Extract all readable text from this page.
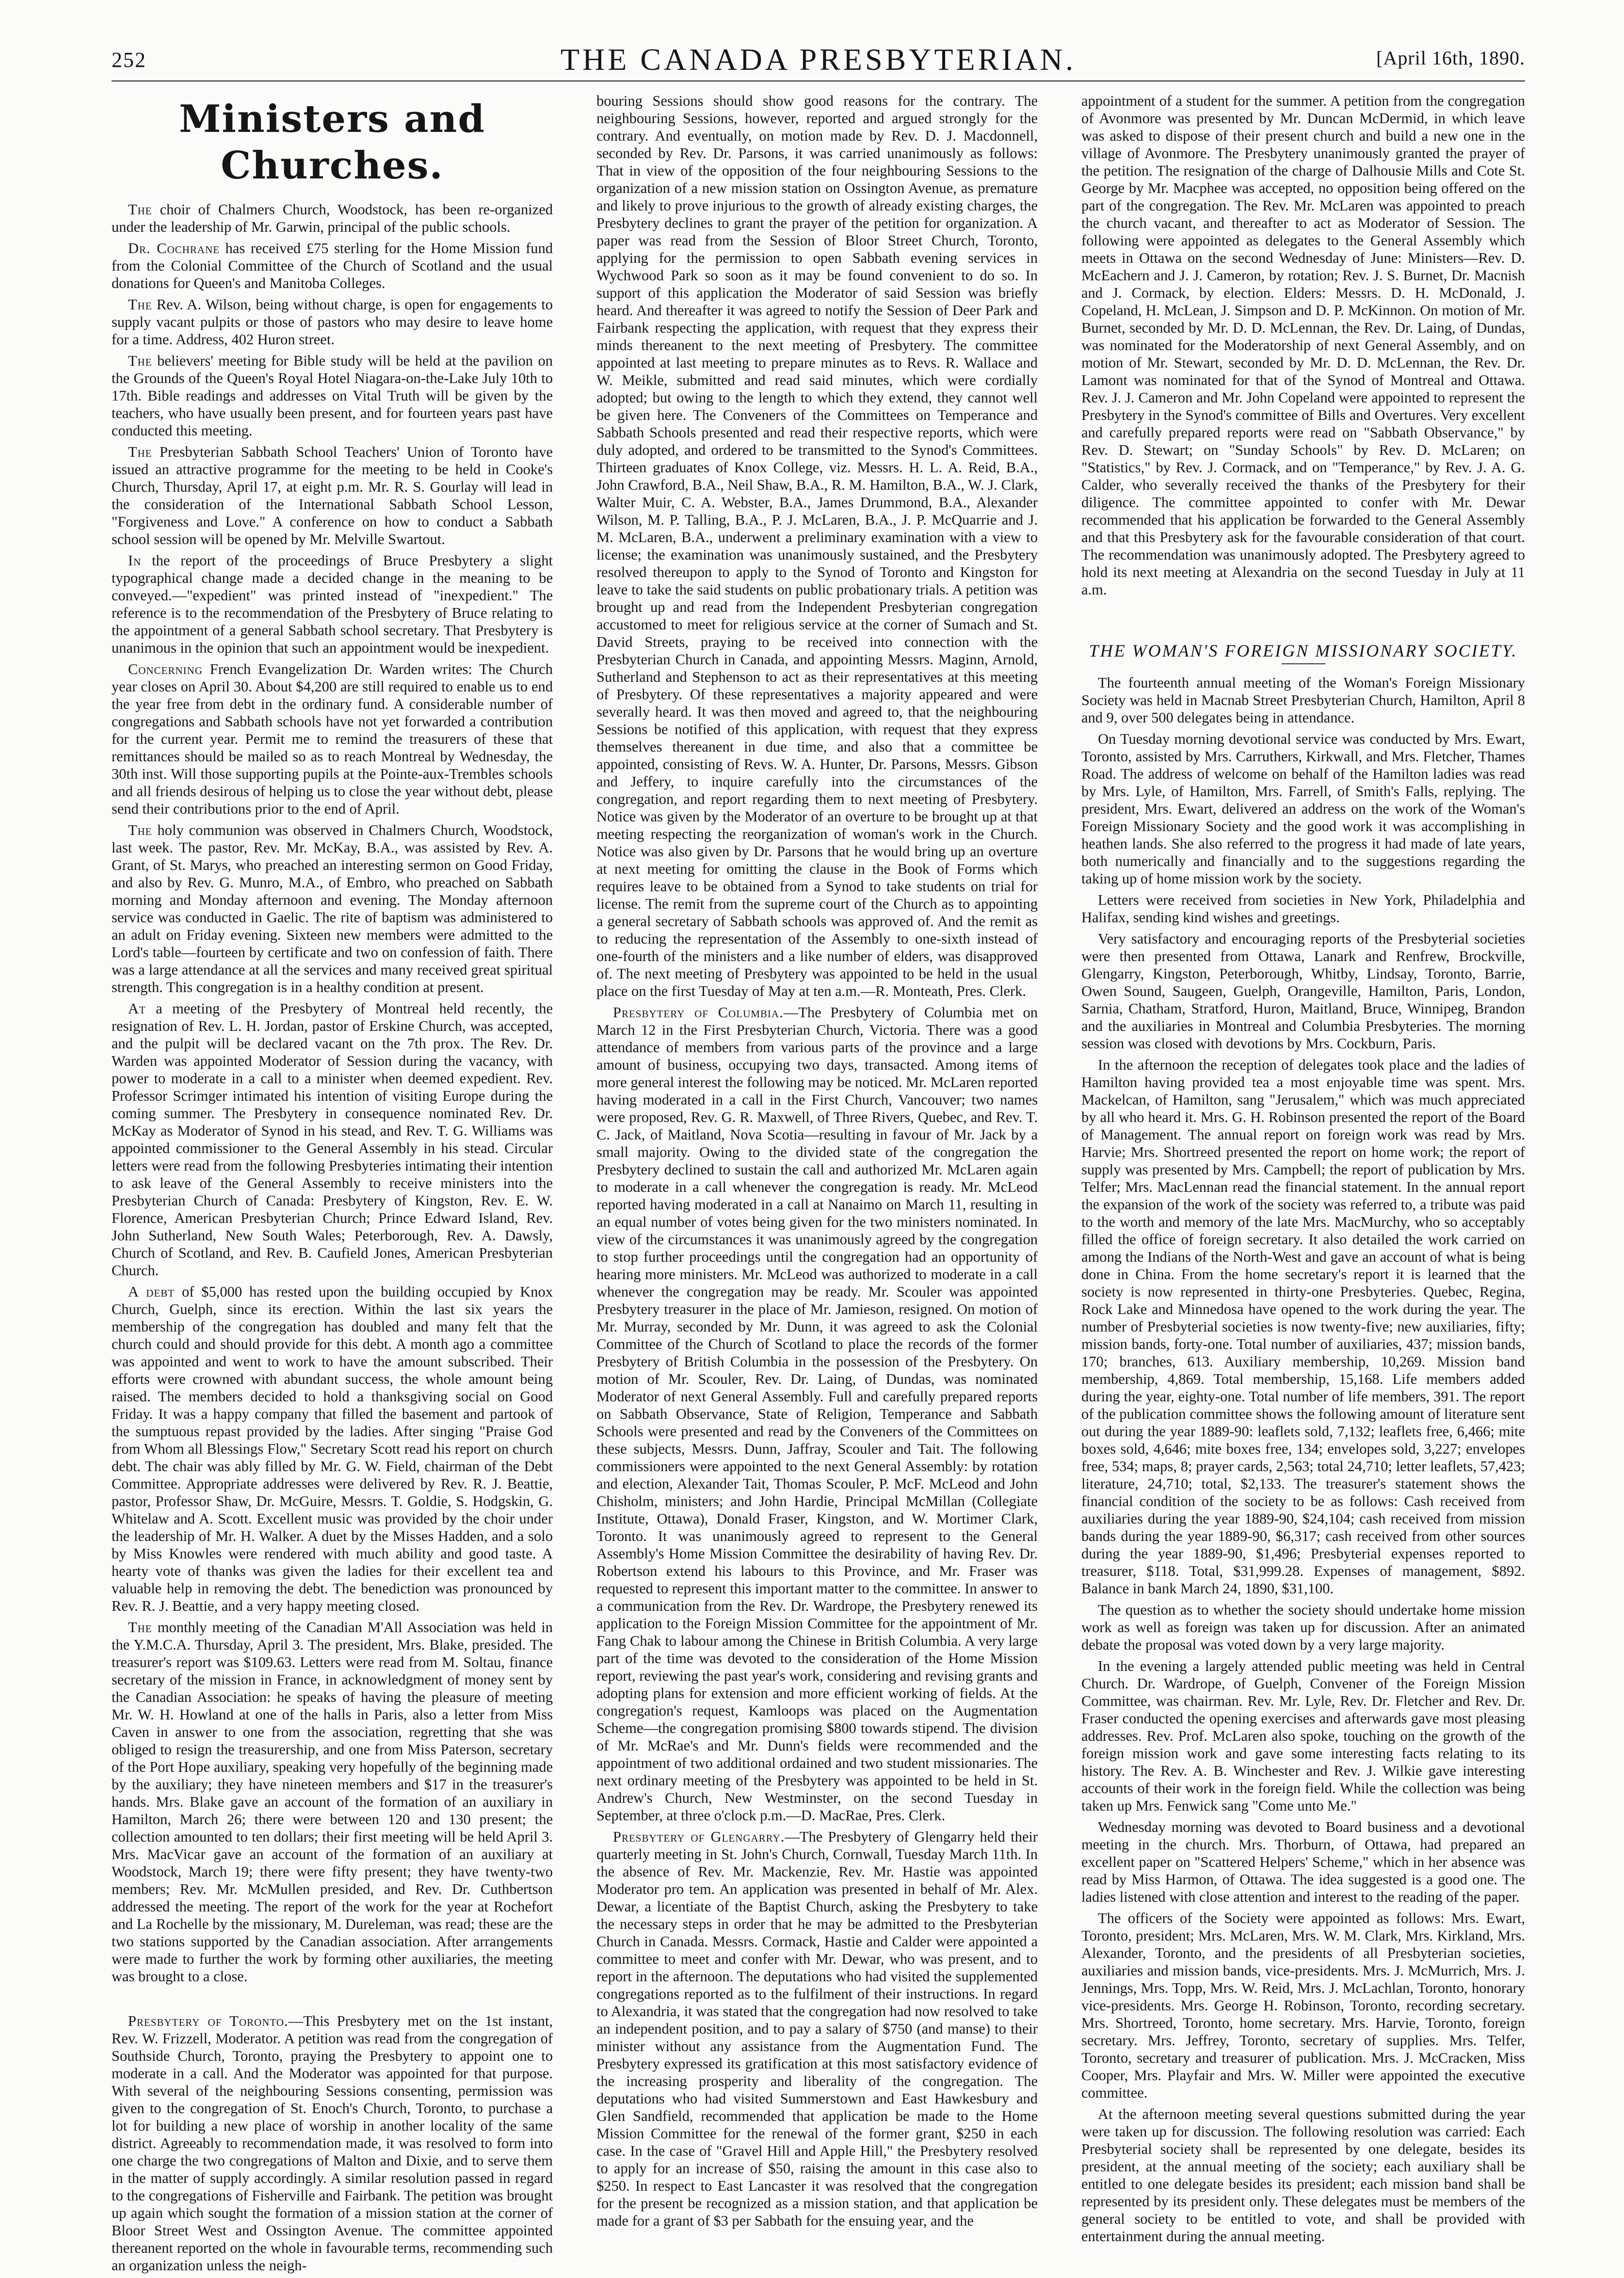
252	THE CANADA PRESBYTERIAN.	[April 16th, 1890.
Ministers and Churches.

The choir of Chalmers Church, Woodstock, has been re-organized under the leadership of Mr. Garwin, principal of the public schools.

Dr. Cochrane has received £75 sterling for the Home Mission fund from the Colonial Committee of the Church of Scotland and the usual donations for Queen's and Manitoba Colleges.

The Rev. A. Wilson, being without charge, is open for engagements to supply vacant pulpits or those of pastors who may desire to leave home for a time. Address, 402 Huron street.

The believers' meeting for Bible study will be held at the pavilion on the Grounds of the Queen's Royal Hotel Niagara-on-the-Lake July 10th to 17th. Bible readings and addresses on Vital Truth will be given by the teachers, who have usually been present, and for fourteen years past have conducted this meeting.

The Presbyterian Sabbath School Teachers' Union of Toronto have issued an attractive programme for the meeting to be held in Cooke's Church, Thursday, April 17, at eight p.m. Mr. R. S. Gourlay will lead in the consideration of the International Sabbath School Lesson, "Forgiveness and Love." A conference on how to conduct a Sabbath school session will be opened by Mr. Melville Swartout.

In the report of the proceedings of Bruce Presbytery a slight typographical change made a decided change in the meaning to be conveyed.—"expedient" was printed instead of "inexpedient." The reference is to the recommendation of the Presbytery of Bruce relating to the appointment of a general Sabbath school secretary. That Presbytery is unanimous in the opinion that such an appointment would be inexpedient.

Concerning French Evangelization Dr. Warden writes: The Church year closes on April 30. About $4,200 are still required to enable us to end the year free from debt in the ordinary fund. A considerable number of congregations and Sabbath schools have not yet forwarded a contribution for the current year. Permit me to remind the treasurers of these that remittances should be mailed so as to reach Montreal by Wednesday, the 30th inst. Will those supporting pupils at the Pointe-aux-Trembles schools and all friends desirous of helping us to close the year without debt, please send their contributions prior to the end of April.

The holy communion was observed in Chalmers Church, Woodstock, last week. The pastor, Rev. Mr. McKay, B.A., was assisted by Rev. A. Grant, of St. Marys, who preached an interesting sermon on Good Friday, and also by Rev. G. Munro, M.A., of Embro, who preached on Sabbath morning and Monday afternoon and evening. The Monday afternoon service was conducted in Gaelic. The rite of baptism was administered to an adult on Friday evening. Sixteen new members were admitted to the Lord's table—fourteen by certificate and two on confession of faith. There was a large attendance at all the services and many received great spiritual strength. This congregation is in a healthy condition at present.

At a meeting of the Presbytery of Montreal held recently, the resignation of Rev. L. H. Jordan, pastor of Erskine Church, was accepted, and the pulpit will be declared vacant on the 7th prox. The Rev. Dr. Warden was appointed Moderator of Session during the vacancy, with power to moderate in a call to a minister when deemed expedient. Rev. Professor Scrimger intimated his intention of visiting Europe during the coming summer. The Presbytery in consequence nominated Rev. Dr. McKay as Moderator of Synod in his stead, and Rev. T. G. Williams was appointed commissioner to the General Assembly in his stead. Circular letters were read from the following Presbyteries intimating their intention to ask leave of the General Assembly to receive ministers into the Presbyterian Church of Canada: Presbytery of Kingston, Rev. E. W. Florence, American Presbyterian Church; Prince Edward Island, Rev. John Sutherland, New South Wales; Peterborough, Rev. A. Dawsly, Church of Scotland, and Rev. B. Caufield Jones, American Presbyterian Church.

A debt of $5,000 has rested upon the building occupied by Knox Church, Guelph, since its erection. Within the last six years the membership of the congregation has doubled and many felt that the church could and should provide for this debt. A month ago a committee was appointed and went to work to have the amount subscribed. Their efforts were crowned with abundant success, the whole amount being raised. The members decided to hold a thanksgiving social on Good Friday. It was a happy company that filled the basement and partook of the sumptuous repast provided by the ladies. After singing "Praise God from Whom all Blessings Flow," Secretary Scott read his report on church debt. The chair was ably filled by Mr. G. W. Field, chairman of the Debt Committee. Appropriate addresses were delivered by Rev. R. J. Beattie, pastor, Professor Shaw, Dr. McGuire, Messrs. T. Goldie, S. Hodgskin, G. Whitelaw and A. Scott. Excellent music was provided by the choir under the leadership of Mr. H. Walker. A duet by the Misses Hadden, and a solo by Miss Knowles were rendered with much ability and good taste. A hearty vote of thanks was given the ladies for their excellent tea and valuable help in removing the debt. The benediction was pronounced by Rev. R. J. Beattie, and a very happy meeting closed.

The monthly meeting of the Canadian M'All Association was held in the Y.M.C.A. Thursday, April 3. The president, Mrs. Blake, presided. The treasurer's report was $109.63. Letters were read from M. Soltau, finance secretary of the mission in France, in acknowledgment of money sent by the Canadian Association: he speaks of having the pleasure of meeting Mr. W. H. Howland at one of the halls in Paris, also a letter from Miss Caven in answer to one from the association, regretting that she was obliged to resign the treasurership, and one from Miss Paterson, secretary of the Port Hope auxiliary, speaking very hopefully of the beginning made by the auxiliary; they have nineteen members and $17 in the treasurer's hands. Mrs. Blake gave an account of the formation of an auxiliary in Hamilton, March 26; there were between 120 and 130 present; the collection amounted to ten dollars; their first meeting will be held April 3. Mrs. MacVicar gave an account of the formation of an auxiliary at Woodstock, March 19; there were fifty present; they have twenty-two members; Rev. Mr. McMullen presided, and Rev. Dr. Cuthbertson addressed the meeting. The report of the work for the year at Rochefort and La Rochelle by the missionary, M. Dureleman, was read; these are the two stations supported by the Canadian association. After arrangements were made to further the work by forming other auxiliaries, the meeting was brought to a close.

Presbytery of Toronto.—This Presbytery met on the 1st instant, Rev. W. Frizzell, Moderator. A petition was read from the congregation of Southside Church, Toronto, praying the Presbytery to appoint one to moderate in a call. And the Moderator was appointed for that purpose. With several of the neighbouring Sessions consenting, permission was given to the congregation of St. Enoch's Church, Toronto, to purchase a lot for building a new place of worship in another locality of the same district. Agreeably to recommendation made, it was resolved to form into one charge the two congregations of Malton and Dixie, and to serve them in the matter of supply accordingly. A similar resolution passed in regard to the congregations of Fisherville and Fairbank. The petition was brought up again which sought the formation of a mission station at the corner of Bloor Street West and Ossington Avenue. The committee appointed thereanent reported on the whole in favourable terms, recommending such an organization unless the neigh-

bouring Sessions should show good reasons for the contrary. The neighbouring Sessions, however, reported and argued strongly for the contrary. And eventually, on motion made by Rev. D. J. Macdonnell, seconded by Rev. Dr. Parsons, it was carried unanimously as follows: That in view of the opposition of the four neighbouring Sessions to the organization of a new mission station on Ossington Avenue, as premature and likely to prove injurious to the growth of already existing charges, the Presbytery declines to grant the prayer of the petition for organization. A paper was read from the Session of Bloor Street Church, Toronto, applying for the permission to open Sabbath evening services in Wychwood Park so soon as it may be found convenient to do so. In support of this application the Moderator of said Session was briefly heard. And thereafter it was agreed to notify the Session of Deer Park and Fairbank respecting the application, with request that they express their minds thereanent to the next meeting of Presbytery. The committee appointed at last meeting to prepare minutes as to Revs. R. Wallace and W. Meikle, submitted and read said minutes, which were cordially adopted; but owing to the length to which they extend, they cannot well be given here. The Conveners of the Committees on Temperance and Sabbath Schools presented and read their respective reports, which were duly adopted, and ordered to be transmitted to the Synod's Committees. Thirteen graduates of Knox College, viz. Messrs. H. L. A. Reid, B.A., John Crawford, B.A., Neil Shaw, B.A., R. M. Hamilton, B.A., W. J. Clark, Walter Muir, C. A. Webster, B.A., James Drummond, B.A., Alexander Wilson, M. P. Talling, B.A., P. J. McLaren, B.A., J. P. McQuarrie and J. M. McLaren, B.A., underwent a preliminary examination with a view to license; the examination was unanimously sustained, and the Presbytery resolved thereupon to apply to the Synod of Toronto and Kingston for leave to take the said students on public probationary trials. A petition was brought up and read from the Independent Presbyterian congregation accustomed to meet for religious service at the corner of Sumach and St. David Streets, praying to be received into connection with the Presbyterian Church in Canada, and appointing Messrs. Maginn, Arnold, Sutherland and Stephenson to act as their representatives at this meeting of Presbytery. Of these representatives a majority appeared and were severally heard. It was then moved and agreed to, that the neighbouring Sessions be notified of this application, with request that they express themselves thereanent in due time, and also that a committee be appointed, consisting of Revs. W. A. Hunter, Dr. Parsons, Messrs. Gibson and Jeffery, to inquire carefully into the circumstances of the congregation, and report regarding them to next meeting of Presbytery. Notice was given by the Moderator of an overture to be brought up at that meeting respecting the reorganization of woman's work in the Church. Notice was also given by Dr. Parsons that he would bring up an overture at next meeting for omitting the clause in the Book of Forms which requires leave to be obtained from a Synod to take students on trial for license. The remit from the supreme court of the Church as to appointing a general secretary of Sabbath schools was approved of. And the remit as to reducing the representation of the Assembly to one-sixth instead of one-fourth of the ministers and a like number of elders, was disapproved of. The next meeting of Presbytery was appointed to be held in the usual place on the first Tuesday of May at ten a.m.—R. Monteath, Pres. Clerk.

Presbytery of Columbia.—The Presbytery of Columbia met on March 12 in the First Presbyterian Church, Victoria. There was a good attendance of members from various parts of the province and a large amount of business, occupying two days, transacted. Among items of more general interest the following may be noticed. Mr. McLaren reported having moderated in a call in the First Church, Vancouver; two names were proposed, Rev. G. R. Maxwell, of Three Rivers, Quebec, and Rev. T. C. Jack, of Maitland, Nova Scotia—resulting in favour of Mr. Jack by a small majority. Owing to the divided state of the congregation the Presbytery declined to sustain the call and authorized Mr. McLaren again to moderate in a call whenever the congregation is ready. Mr. McLeod reported having moderated in a call at Nanaimo on March 11, resulting in an equal number of votes being given for the two ministers nominated. In view of the circumstances it was unanimously agreed by the congregation to stop further proceedings until the congregation had an opportunity of hearing more ministers. Mr. McLeod was authorized to moderate in a call whenever the congregation may be ready. Mr. Scouler was appointed Presbytery treasurer in the place of Mr. Jamieson, resigned. On motion of Mr. Murray, seconded by Mr. Dunn, it was agreed to ask the Colonial Committee of the Church of Scotland to place the records of the former Presbytery of British Columbia in the possession of the Presbytery. On motion of Mr. Scouler, Rev. Dr. Laing, of Dundas, was nominated Moderator of next General Assembly. Full and carefully prepared reports on Sabbath Observance, State of Religion, Temperance and Sabbath Schools were presented and read by the Conveners of the Committees on these subjects, Messrs. Dunn, Jaffray, Scouler and Tait. The following commissioners were appointed to the next General Assembly: by rotation and election, Alexander Tait, Thomas Scouler, P. McF. McLeod and John Chisholm, ministers; and John Hardie, Principal McMillan (Collegiate Institute, Ottawa), Donald Fraser, Kingston, and W. Mortimer Clark, Toronto. It was unanimously agreed to represent to the General Assembly's Home Mission Committee the desirability of having Rev. Dr. Robertson extend his labours to this Province, and Mr. Fraser was requested to represent this important matter to the committee. In answer to a communication from the Rev. Dr. Wardrope, the Presbytery renewed its application to the Foreign Mission Committee for the appointment of Mr. Fang Chak to labour among the Chinese in British Columbia. A very large part of the time was devoted to the consideration of the Home Mission report, reviewing the past year's work, considering and revising grants and adopting plans for extension and more efficient working of fields. At the congregation's request, Kamloops was placed on the Augmentation Scheme—the congregation promising $800 towards stipend. The division of Mr. McRae's and Mr. Dunn's fields were recommended and the appointment of two additional ordained and two student missionaries. The next ordinary meeting of the Presbytery was appointed to be held in St. Andrew's Church, New Westminster, on the second Tuesday in September, at three o'clock p.m.—D. MacRae, Pres. Clerk.

Presbytery of Glengarry.—The Presbytery of Glengarry held their quarterly meeting in St. John's Church, Cornwall, Tuesday March 11th. In the absence of Rev. Mr. Mackenzie, Rev. Mr. Hastie was appointed Moderator pro tem. An application was presented in behalf of Mr. Alex. Dewar, a licentiate of the Baptist Church, asking the Presbytery to take the necessary steps in order that he may be admitted to the Presbyterian Church in Canada. Messrs. Cormack, Hastie and Calder were appointed a committee to meet and confer with Mr. Dewar, who was present, and to report in the afternoon. The deputations who had visited the supplemented congregations reported as to the fulfilment of their instructions. In regard to Alexandria, it was stated that the congregation had now resolved to take an independent position, and to pay a salary of $750 (and manse) to their minister without any assistance from the Augmentation Fund. The Presbytery expressed its gratification at this most satisfactory evidence of the increasing prosperity and liberality of the congregation. The deputations who had visited Summerstown and East Hawkesbury and Glen Sandfield, recommended that application be made to the Home Mission Committee for the renewal of the former grant, $250 in each case. In the case of "Gravel Hill and Apple Hill," the Presbytery resolved to apply for an increase of $50, raising the amount in this case also to $250. In respect to East Lancaster it was resolved that the congregation for the present be recognized as a mission station, and that application be made for a grant of $3 per Sabbath for the ensuing year, and the

appointment of a student for the summer. A petition from the congregation of Avonmore was presented by Mr. Duncan McDermid, in which leave was asked to dispose of their present church and build a new one in the village of Avonmore. The Presbytery unanimously granted the prayer of the petition. The resignation of the charge of Dalhousie Mills and Cote St. George by Mr. Macphee was accepted, no opposition being offered on the part of the congregation. The Rev. Mr. McLaren was appointed to preach the church vacant, and thereafter to act as Moderator of Session. The following were appointed as delegates to the General Assembly which meets in Ottawa on the second Wednesday of June: Ministers—Rev. D. McEachern and J. J. Cameron, by rotation; Rev. J. S. Burnet, Dr. Macnish and J. Cormack, by election. Elders: Messrs. D. H. McDonald, J. Copeland, H. McLean, J. Simpson and D. P. McKinnon. On motion of Mr. Burnet, seconded by Mr. D. D. McLennan, the Rev. Dr. Laing, of Dundas, was nominated for the Moderatorship of next General Assembly, and on motion of Mr. Stewart, seconded by Mr. D. D. McLennan, the Rev. Dr. Lamont was nominated for that of the Synod of Montreal and Ottawa. Rev. J. J. Cameron and Mr. John Copeland were appointed to represent the Presbytery in the Synod's committee of Bills and Overtures. Very excellent and carefully prepared reports were read on "Sabbath Observance," by Rev. D. Stewart; on "Sunday Schools" by Rev. D. McLaren; on "Statistics," by Rev. J. Cormack, and on "Temperance," by Rev. J. A. G. Calder, who severally received the thanks of the Presbytery for their diligence. The committee appointed to confer with Mr. Dewar recommended that his application be forwarded to the General Assembly and that this Presbytery ask for the favourable consideration of that court. The recommendation was unanimously adopted. The Presbytery agreed to hold its next meeting at Alexandria on the second Tuesday in July at 11 a.m.

THE WOMAN'S FOREIGN MISSIONARY SOCIETY.

The fourteenth annual meeting of the Woman's Foreign Missionary Society was held in Macnab Street Presbyterian Church, Hamilton, April 8 and 9, over 500 delegates being in attendance.

On Tuesday morning devotional service was conducted by Mrs. Ewart, Toronto, assisted by Mrs. Carruthers, Kirkwall, and Mrs. Fletcher, Thames Road. The address of welcome on behalf of the Hamilton ladies was read by Mrs. Lyle, of Hamilton, Mrs. Farrell, of Smith's Falls, replying. The president, Mrs. Ewart, delivered an address on the work of the Woman's Foreign Missionary Society and the good work it was accomplishing in heathen lands. She also referred to the progress it had made of late years, both numerically and financially and to the suggestions regarding the taking up of home mission work by the society.

Letters were received from societies in New York, Philadelphia and Halifax, sending kind wishes and greetings.

Very satisfactory and encouraging reports of the Presbyterial societies were then presented from Ottawa, Lanark and Renfrew, Brockville, Glengarry, Kingston, Peterborough, Whitby, Lindsay, Toronto, Barrie, Owen Sound, Saugeen, Guelph, Orangeville, Hamilton, Paris, London, Sarnia, Chatham, Stratford, Huron, Maitland, Bruce, Winnipeg, Brandon and the auxiliaries in Montreal and Columbia Presbyteries. The morning session was closed with devotions by Mrs. Cockburn, Paris.

In the afternoon the reception of delegates took place and the ladies of Hamilton having provided tea a most enjoyable time was spent. Mrs. Mackelcan, of Hamilton, sang "Jerusalem," which was much appreciated by all who heard it. Mrs. G. H. Robinson presented the report of the Board of Management. The annual report on foreign work was read by Mrs. Harvie; Mrs. Shortreed presented the report on home work; the report of supply was presented by Mrs. Campbell; the report of publication by Mrs. Telfer; Mrs. MacLennan read the financial statement. In the annual report the expansion of the work of the society was referred to, a tribute was paid to the worth and memory of the late Mrs. MacMurchy, who so acceptably filled the office of foreign secretary. It also detailed the work carried on among the Indians of the North-West and gave an account of what is being done in China. From the home secretary's report it is learned that the society is now represented in thirty-one Presbyteries. Quebec, Regina, Rock Lake and Minnedosa have opened to the work during the year. The number of Presbyterial societies is now twenty-five; new auxiliaries, fifty; mission bands, forty-one. Total number of auxiliaries, 437; mission bands, 170; branches, 613. Auxiliary membership, 10,269. Mission band membership, 4,869. Total membership, 15,168. Life members added during the year, eighty-one. Total number of life members, 391. The report of the publication committee shows the following amount of literature sent out during the year 1889-90: leaflets sold, 7,132; leaflets free, 6,466; mite boxes sold, 4,646; mite boxes free, 134; envelopes sold, 3,227; envelopes free, 534; maps, 8; prayer cards, 2,563; total 24,710; letter leaflets, 57,423; literature, 24,710; total, $2,133. The treasurer's statement shows the financial condition of the society to be as follows: Cash received from auxiliaries during the year 1889-90, $24,104; cash received from mission bands during the year 1889-90, $6,317; cash received from other sources during the year 1889-90, $1,496; Presbyterial expenses reported to treasurer, $118. Total, $31,999.28. Expenses of management, $892. Balance in bank March 24, 1890, $31,100.

The question as to whether the society should undertake home mission work as well as foreign was taken up for discussion. After an animated debate the proposal was voted down by a very large majority.

In the evening a largely attended public meeting was held in Central Church. Dr. Wardrope, of Guelph, Convener of the Foreign Mission Committee, was chairman. Rev. Mr. Lyle, Rev. Dr. Fletcher and Rev. Dr. Fraser conducted the opening exercises and afterwards gave most pleasing addresses. Rev. Prof. McLaren also spoke, touching on the growth of the foreign mission work and gave some interesting facts relating to its history. The Rev. A. B. Winchester and Rev. J. Wilkie gave interesting accounts of their work in the foreign field. While the collection was being taken up Mrs. Fenwick sang "Come unto Me."

Wednesday morning was devoted to Board business and a devotional meeting in the church. Mrs. Thorburn, of Ottawa, had prepared an excellent paper on "Scattered Helpers' Scheme," which in her absence was read by Miss Harmon, of Ottawa. The idea suggested is a good one. The ladies listened with close attention and interest to the reading of the paper.

The officers of the Society were appointed as follows: Mrs. Ewart, Toronto, president; Mrs. McLaren, Mrs. W. M. Clark, Mrs. Kirkland, Mrs. Alexander, Toronto, and the presidents of all Presbyterian societies, auxiliaries and mission bands, vice-presidents. Mrs. J. McMurrich, Mrs. J. Jennings, Mrs. Topp, Mrs. W. Reid, Mrs. J. McLachlan, Toronto, honorary vice-presidents. Mrs. George H. Robinson, Toronto, recording secretary. Mrs. Shortreed, Toronto, home secretary. Mrs. Harvie, Toronto, foreign secretary. Mrs. Jeffrey, Toronto, secretary of supplies. Mrs. Telfer, Toronto, secretary and treasurer of publication. Mrs. J. McCracken, Miss Cooper, Mrs. Playfair and Mrs. W. Miller were appointed the executive committee.

At the afternoon meeting several questions submitted during the year were taken up for discussion. The following resolution was carried: Each Presbyterial society shall be represented by one delegate, besides its president, at the annual meeting of the society; each auxiliary shall be entitled to one delegate besides its president; each mission band shall be represented by its president only. These delegates must be members of the general society to be entitled to vote, and shall be provided with entertainment during the annual meeting.
